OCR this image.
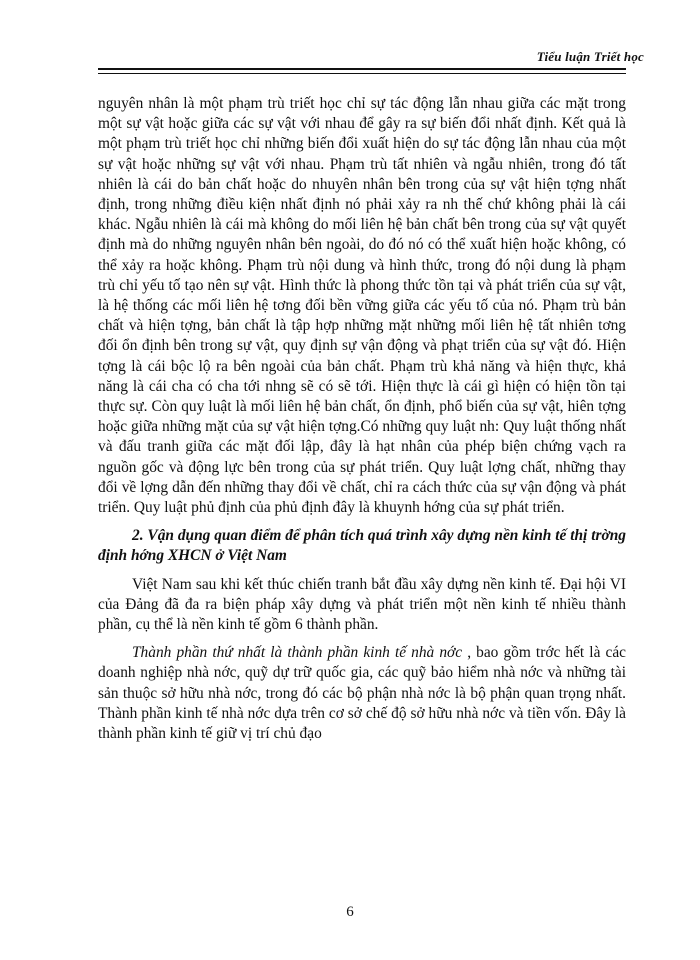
Tiểu luận Triết học

nguyên nhân là một phạm trù triết học chỉ sự tác động lẫn nhau giữa các mặt trong một sự vật hoặc giữa các sự vật với nhau để gây ra sự biến đổi nhất định. Kết quả là một phạm trù triết học chỉ những biến đổi xuất hiện do sự tác động lẫn nhau của một sự vật hoặc những sự vật với nhau. Phạm trù tất nhiên và ngẫu nhiên, trong đó tất nhiên là cái do bản chất hoặc do nhuyên nhân bên trong của sự vật hiện tợng nhất định, trong những điều kiện nhất định nó phải xảy ra nh thế chứ không phải là cái khác. Ngẫu nhiên là cái mà không do mối liên hệ bản chất bên trong của sự vật quyết định mà do những nguyên nhân bên ngoài, do đó nó có thể xuất hiện hoặc không, có thể xảy ra hoặc không. Phạm trù nội dung và hình thức, trong đó nội dung là phạm trù chỉ yếu tố tạo nên sự vật. Hình thức là phong thức tồn tại và phát triển của sự vật, là hệ thống các mối liên hệ tơng đối bền vững giữa các yếu tố của nó. Phạm trù bản chất và hiện tợng, bản chất là tập hợp những mặt những mối liên hệ tất nhiên tơng đối ổn định bên trong sự vật, quy định sự vận động và phạt triển của sự vật đó. Hiện tợng là cái bộc lộ ra bên ngoài của bản chất. Phạm trù khả năng và hiện thực, khả năng là cái cha có cha tới nhng sẽ có sẽ tới. Hiện thực là cái gì hiện có hiện tồn tại thực sự. Còn quy luật là mối liên hệ bản chất, ổn định, phổ biến của sự vật, hiên tợng hoặc giữa những mặt của sự vật hiện tợng.Có những quy luật nh: Quy luật thống nhất và đấu tranh giữa các mặt đối lập, đây là hạt nhân của phép biện chứng vạch ra nguồn gốc và động lực bên trong của sự phát triển. Quy luật lợng chất, những thay đổi về lợng dẫn đến những thay đổi về chất, chỉ ra cách thức của sự vận động và phát triển. Quy luật phủ định của phủ định đây là khuynh hớng của sự phát triển.

2. Vận dụng quan điểm để phân tích quá trình xây dựng nền kinh tế thị trờng định hớng XHCN ở Việt Nam

Việt Nam sau khi kết thúc chiến tranh bắt đầu xây dựng nền kinh tế. Đại hội VI của Đảng đã đa ra biện pháp xây dựng và phát triển một nền kinh tế nhiều thành phần, cụ thể là nền kinh tế gồm 6 thành phần.

Thành phần thứ nhất là thành phần kinh tế nhà nớc , bao gồm trớc hết là các doanh nghiệp nhà nớc, quỹ dự trữ quốc gia, các quỹ bảo hiểm nhà nớc và những tài sản thuộc sở hữu nhà nớc, trong đó các bộ phận nhà nớc là bộ phận quan trọng nhất. Thành phần kinh tế nhà nớc dựa trên cơ sở chế độ sở hữu nhà nớc và tiền vốn. Đây là thành phần kinh tế giữ vị trí chủ đạo

6
